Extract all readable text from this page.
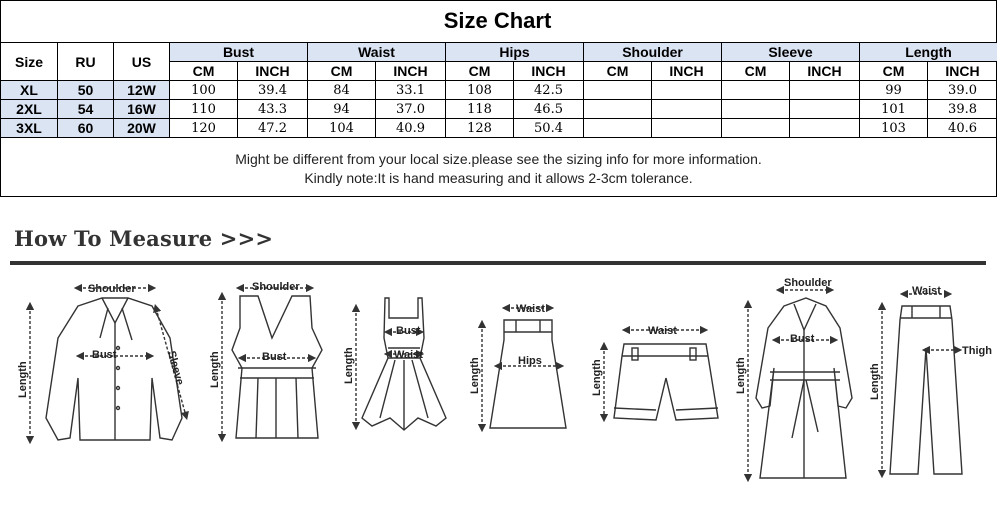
Size Chart
Size	RU	US	Bust		Waist		Hips		Shoulder		Sleeve		Length	
			CM	INCH	CM	INCH	CM	INCH	CM	INCH	CM	INCH	CM	INCH
XL	50	12W	100	39.4	84	33.1	108	42.5					99	39.0
2XL	54	16W	110	43.3	94	37.0	118	46.5					101	39.8
3XL	60	20W	120	47.2	104	40.9	128	50.4					103	40.6
Might be different from your local size.please see the sizing info for more information.
Kindly note:It is hand measuring and it allows 2-3cm tolerance.
How To Measure >>>
Shoulder
Bust	Sleeve
Length
Shoulder
Bust
Length
Bust
Waist
Length
Waist
Hips
Length
Waist
Length
Shoulder
Bust
Length
Waist
Thigh
Length
